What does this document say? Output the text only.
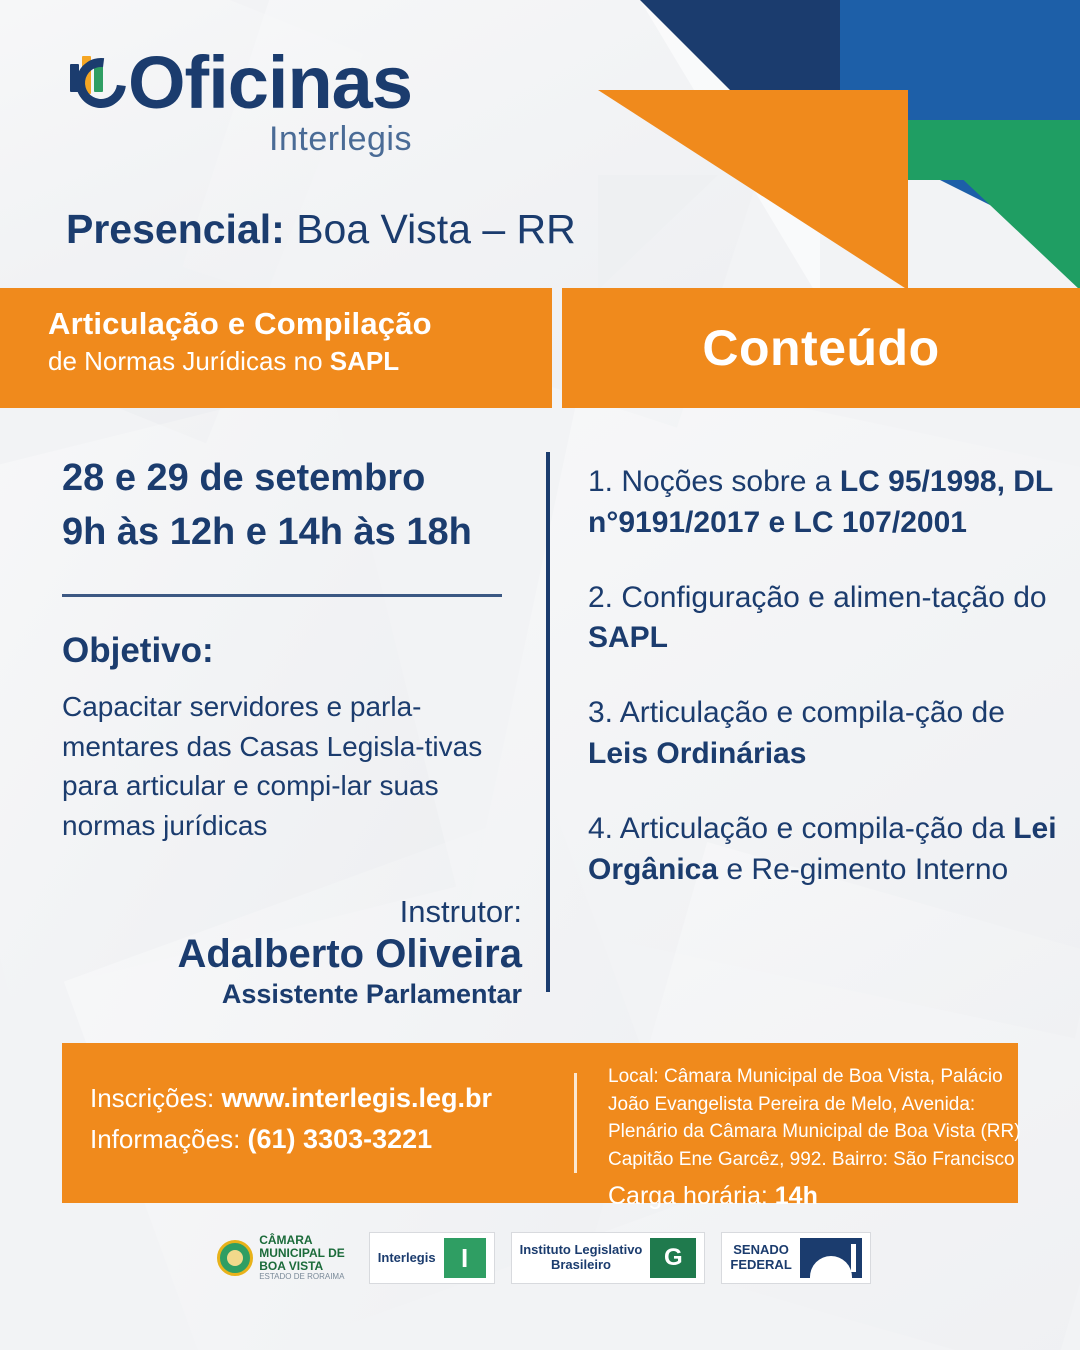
Oficinas
Interlegis
Presencial: Boa Vista – RR
Articulação e Compilação
de Normas Jurídicas no SAPL	Conteúdo
28 e 29 de setembro
9h às 12h e 14h às 18h
Objetivo:
Capacitar servidores e parla-mentares das Casas Legisla-tivas para articular e compi-lar suas normas jurídicas
Instrutor:
Adalberto Oliveira
Assistente Parlamentar
1. Noções sobre a LC 95/1998, DL n°9191/2017 e LC 107/2001
2. Configuração e alimen-tação do SAPL
3. Articulação e compila-ção de Leis Ordinárias
4. Articulação e compila-ção da Lei Orgânica e Re-gimento Interno
Inscrições: www.interlegis.leg.br
Informações: (61) 3303-3221
Local: Câmara Municipal de Boa Vista, Palácio João Evangelista Pereira de Melo, Avenida: Plenário da Câmara Municipal de Boa Vista (RR) Capitão Ene Garcêz, 992. Bairro: São Francisco
Carga horária: 14h
CÂMARA
MUNICIPAL DE
BOA VISTA
ESTADO DE RORAIMA
Interlegis I	Instituto Legislativo
Brasileiro	G	SENADO
FEDERAL
